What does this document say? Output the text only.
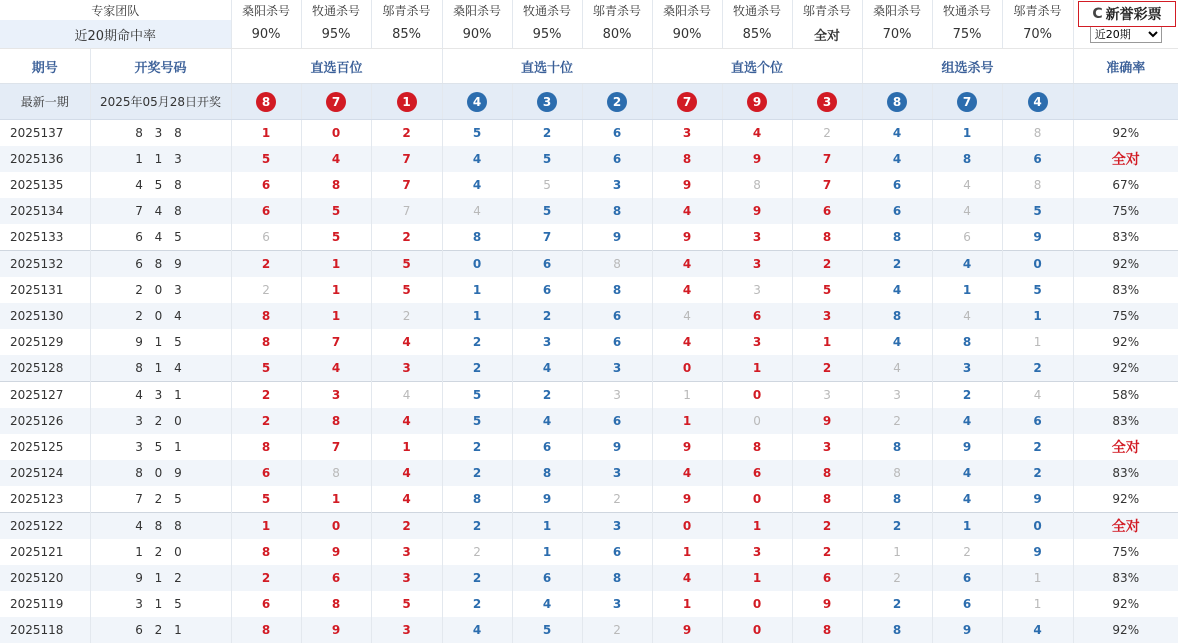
专家团队		桑阳杀号	牧通杀号	邬青杀号	桑阳杀号	牧通杀号	邬青杀号	桑阳杀号	牧通杀号	邬青杀号	桑阳杀号	牧通杀号	邬青杀号	
近20期命中率		90%	95%	85%	90%	95%	80%	90%	85%	全对	70%	75%	70%	
近20期
期号	开奖号码	直选百位			直选十位			直选个位			组选杀号			准确率
最新一期	2025年05月28日开奖	8	7	1	4	3	2	7	9	3	8	7	4	
2025137	8 3 8	1	0	2	5	2	6	3	4	2	4	1	8	92%
2025136	1 1 3	5	4	7	4	5	6	8	9	7	4	8	6	全对
2025135	4 5 8	6	8	7	4	5	3	9	8	7	6	4	8	67%
2025134	7 4 8	6	5	7	4	5	8	4	9	6	6	4	5	75%
2025133	6 4 5	6	5	2	8	7	9	9	3	8	8	6	9	83%
2025132	6 8 9	2	1	5	0	6	8	4	3	2	2	4	0	92%
2025131	2 0 3	2	1	5	1	6	8	4	3	5	4	1	5	83%
2025130	2 0 4	8	1	2	1	2	6	4	6	3	8	4	1	75%
2025129	9 1 5	8	7	4	2	3	6	4	3	1	4	8	1	92%
2025128	8 1 4	5	4	3	2	4	3	0	1	2	4	3	2	92%
2025127	4 3 1	2	3	4	5	2	3	1	0	3	3	2	4	58%
2025126	3 2 0	2	8	4	5	4	6	1	0	9	2	4	6	83%
2025125	3 5 1	8	7	1	2	6	9	9	8	3	8	9	2	全对
2025124	8 0 9	6	8	4	2	8	3	4	6	8	8	4	2	83%
2025123	7 2 5	5	1	4	8	9	2	9	0	8	8	4	9	92%
2025122	4 8 8	1	0	2	2	1	3	0	1	2	2	1	0	全对
2025121	1 2 0	8	9	3	2	1	6	1	3	2	1	2	9	75%
2025120	9 1 2	2	6	3	2	6	8	4	1	6	2	6	1	83%
2025119	3 1 5	6	8	5	2	4	3	1	0	9	2	6	1	92%
2025118	6 2 1	8	9	3	4	5	2	9	0	8	8	9	4	92%
C 新誉彩票
